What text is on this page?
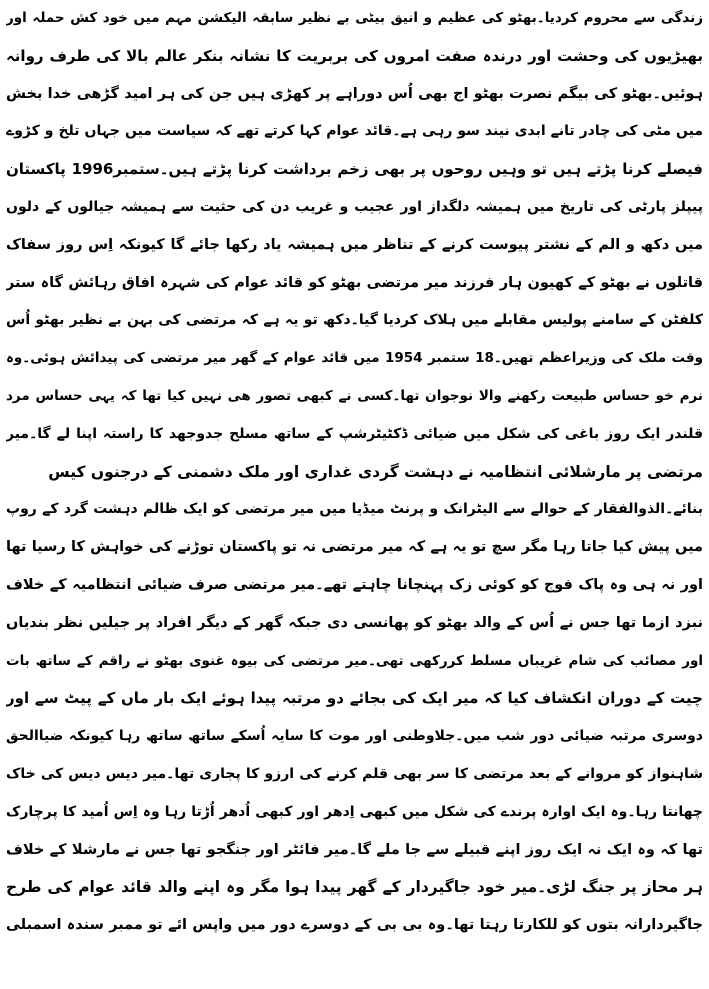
زندگی سے محروم کردیا۔بھٹو کی عظیم و انیق بیٹی بے نظیر سابقہ الیکشن مہم میں خود کش حملہ اور
بھیڑیوں کی وحشت اور درندہ صفت امروں کی بربریت کا نشانہ بنکر عالم بالا کی طرف روانہ
ہوئیں۔بھٹو کی بیگم نصرت بھٹو اج بھی اُس دوراہے پر کھڑی ہیں جن کی ہر امید گڑھی خدا بخش
میں مٹی کی چادر تانے ابدی نیند سو رہی ہے۔قائد عوام کہا کرتے تھے کہ سیاست میں جہاں تلخ و کڑوے
فیصلے کرنا پڑتے ہیں تو وہیں روحوں پر بھی زخم برداشت کرنا پڑتے ہیں۔ستمبر1996 پاکستان
پیپلز پارٹی کی تاریخ میں ہمیشہ دلگداز اور عجیب و غریب دن کی حثیت سے ہمیشہ جیالوں کے دلوں
میں دکھ و الم کے نشتر پیوست کرنے کے تناظر میں ہمیشہ یاد رکھا جائے گا کیونکہ اِس روز سفاک
قاتلوں نے بھٹو کے کھیون ہار فرزند میر مرتضی بھٹو کو قائد عوام کی شہرہ افاق رہائش گاہ ستر
کلفٹن کے سامنے پولیس مقابلے میں ہلاک کردیا گیا۔دکھ تو یہ ہے کہ مرتضی کی بہن بے نظیر بھٹو اُس
وقت ملک کی وزیراعظم تھیں۔18 ستمبر 1954 میں قائد عوام کے گھر میر مرتضی کی پیدائش ہوئی۔وہ
نرم خو حساس طبیعت رکھنے والا نوجوان تھا۔کسی نے کبھی تصور ھی نہیں کیا تھا کہ یہی حساس مرد
قلندر ایک روز باغی کی شکل میں ضیائی ڈکٹیٹرشپ کے ساتھ مسلح جدوجھد کا راستہ اپنا لے گا۔میر
مرتضی پر مارشلائی انتظامیہ نے دہشت گردی غداری اور ملک دشمنی کے درجنوں کیس
بنائے۔الذوالفقار کے حوالے سے الیٹرانک و پرنٹ میڈیا میں میر مرتضی کو ایک ظالم دہشت گرد کے روپ
میں پیش کیا جاتا رہا مگر سچ تو یہ ہے کہ میر مرتضی نہ تو پاکستان توڑنے کی خواہش کا رسیا تھا
اور نہ ہی وہ پاک فوج کو کوئی زک پہنچانا چاہتے تھے۔میر مرتضی صرف ضیائی انتظامیہ کے خلاف
نبزد ازما تھا جس نے اُس کے والد بھٹو کو پھانسی دی جبکہ گھر کے دیگر افراد پر جیلیں نظر بندیاں
اور مصائب کی شام غریباں مسلط کررکھی تھی۔میر مرتضی کی بیوہ غنوی بھٹو نے راقم کے ساتھ بات
چیت کے دوران انکشاف کیا کہ میر ایک کی بجائے دو مرتبہ پیدا ہوئے ایک بار ماں کے پیٹ سے اور
دوسری مرتبہ ضیائی دور شب میں۔جلاوطنی اور موت کا سایہ اُسکے ساتھ ساتھ رہا کیونکہ ضیاالحق
شاہنواز کو مروانے کے بعد مرتضی کا سر بھی قلم کرنے کی ارزو کا پجاری تھا۔میر دیس دیس کی خاک
چھانتا رہا۔وہ ایک اوارہ پرندے کی شکل میں کبھی اِدھر اور کبھی اُدھر اُڑتا رہا وہ اِس اُمید کا پرچارک
تھا کہ وہ ایک نہ ایک روز اپنے قبیلے سے جا ملے گا۔میر فائٹر اور جنگجو تھا جس نے مارشلا کے خلاف
ہر محاز پر جنگ لڑی۔میر خود جاگیردار کے گھر پیدا ہوا مگر وہ اپنے والد قائد عوام کی طرح
جاگیردارانہ بتوں کو للکارتا رہتا تھا۔وہ بی بی کے دوسرے دور میں واپس ائے تو ممبر سندہ اسمبلی
